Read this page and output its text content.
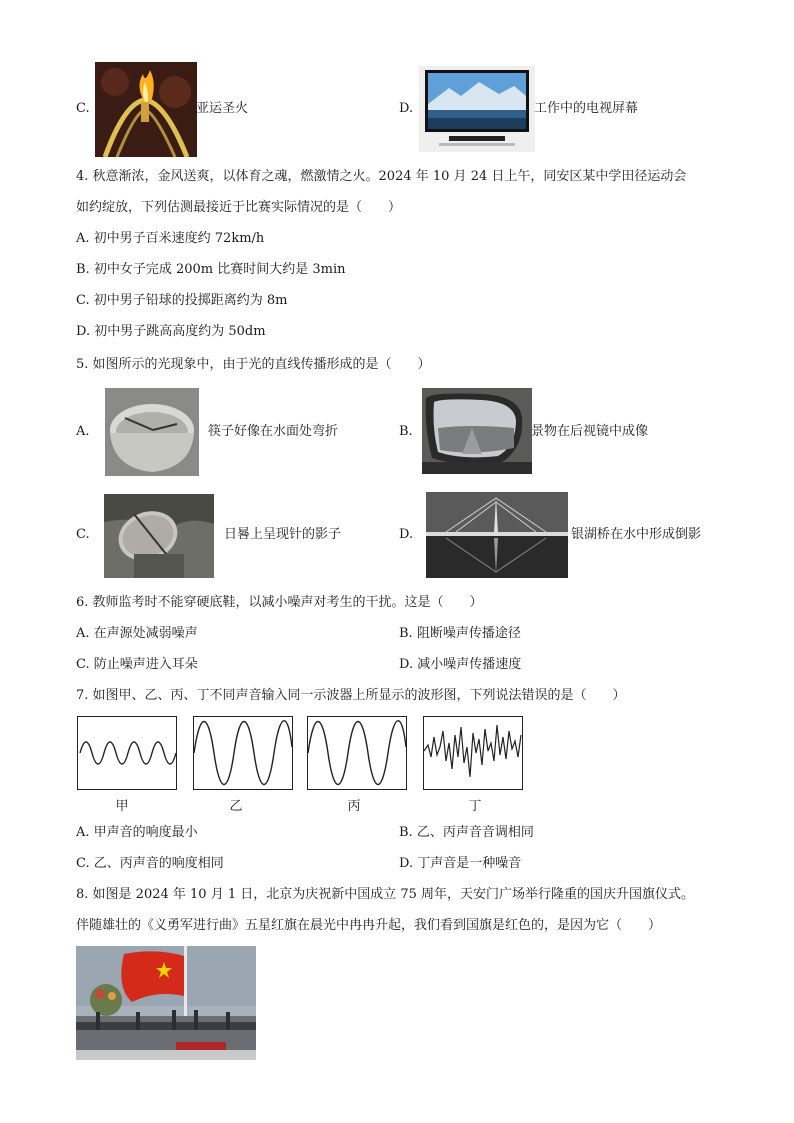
C.	亚运圣火	D.	工作中的电视屏幕
4. 秋意渐浓，金风送爽，以体育之魂，燃激情之火。2024 年 10 月 24 日上午，同安区某中学田径运动会
如约绽放，下列估测最接近于比赛实际情况的是（　　）
A. 初中男子百米速度约 72km/h
B. 初中女子完成 200m 比赛时间大约是 3min
C. 初中男子铅球的投掷距离约为 8m
D. 初中男子跳高高度约为 50dm
5. 如图所示的光现象中，由于光的直线传播形成的是（　　）
A.	筷子好像在水面处弯折	B.	景物在后视镜中成像
C.	日晷上呈现针的影子	D.	银湖桥在水中形成倒影
6. 教师监考时不能穿硬底鞋，以减小噪声对考生的干扰。这是（　　）
A. 在声源处减弱噪声	B. 阻断噪声传播途径
C. 防止噪声进入耳朵	D. 减小噪声传播速度
7. 如图甲、乙、丙、丁不同声音输入同一示波器上所显示的波形图，下列说法错误的是（　　）
甲	乙	丙	丁
A. 甲声音的响度最小	B. 乙、丙声音音调相同
C. 乙、丙声音的响度相同	D. 丁声音是一种噪音
8. 如图是 2024 年 10 月 1 日，北京为庆祝新中国成立 75 周年，天安门广场举行隆重的国庆升国旗仪式。
伴随雄壮的《义勇军进行曲》五星红旗在晨光中冉冉升起，我们看到国旗是红色的，是因为它（　　）
